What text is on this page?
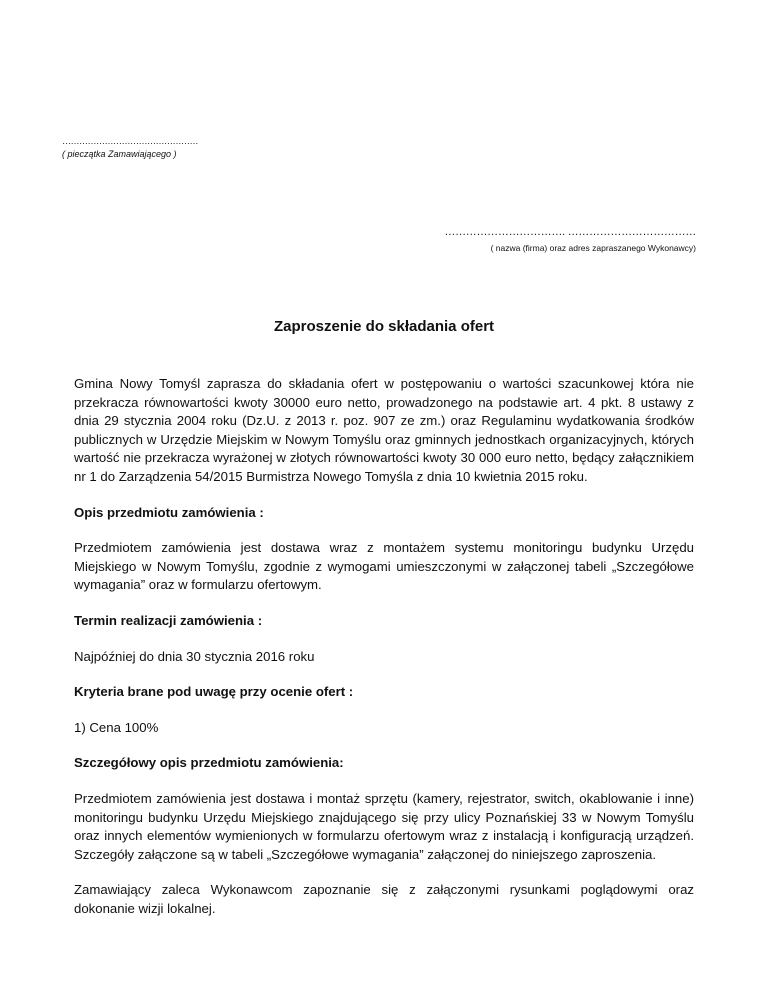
…………………………………………
( pieczątka Zamawiającego )
……………………………. ………………………………
( nazwa (firma) oraz adres zapraszanego Wykonawcy)
Zaproszenie do składania ofert

Gmina Nowy Tomyśl zaprasza do składania ofert w postępowaniu o wartości szacunkowej która nie przekracza równowartości kwoty 30000 euro netto, prowadzonego na podstawie art. 4 pkt. 8 ustawy z dnia 29 stycznia 2004 roku (Dz.U. z 2013 r. poz. 907 ze zm.) oraz Regulaminu wydatkowania środków publicznych w Urzędzie Miejskim w Nowym Tomyślu oraz gminnych jednostkach organizacyjnych, których wartość nie przekracza wyrażonej w złotych równowartości kwoty 30 000 euro netto, będący załącznikiem nr 1 do Zarządzenia 54/2015 Burmistrza Nowego Tomyśla z dnia 10 kwietnia 2015 roku.

Opis przedmiotu zamówienia :

Przedmiotem zamówienia jest dostawa wraz z montażem systemu monitoringu budynku Urzędu Miejskiego w Nowym Tomyślu, zgodnie z wymogami umieszczonymi w załączonej tabeli „Szczegółowe wymagania” oraz w formularzu ofertowym.

Termin realizacji zamówienia :

Najpóźniej do dnia 30 stycznia 2016 roku

Kryteria brane pod uwagę przy ocenie ofert :

1) Cena 100%

Szczegółowy opis przedmiotu zamówienia:

Przedmiotem zamówienia jest dostawa i montaż sprzętu (kamery, rejestrator, switch, okablowanie i inne) monitoringu budynku Urzędu Miejskiego znajdującego się przy ulicy Poznańskiej 33 w Nowym Tomyślu oraz innych elementów wymienionych w formularzu ofertowym wraz z instalacją i konfiguracją urządzeń. Szczegóły załączone są w tabeli „Szczegółowe wymagania” załączonej do niniejszego zaproszenia.

Zamawiający zaleca Wykonawcom zapoznanie się z załączonymi rysunkami poglądowymi oraz dokonanie wizji lokalnej.
